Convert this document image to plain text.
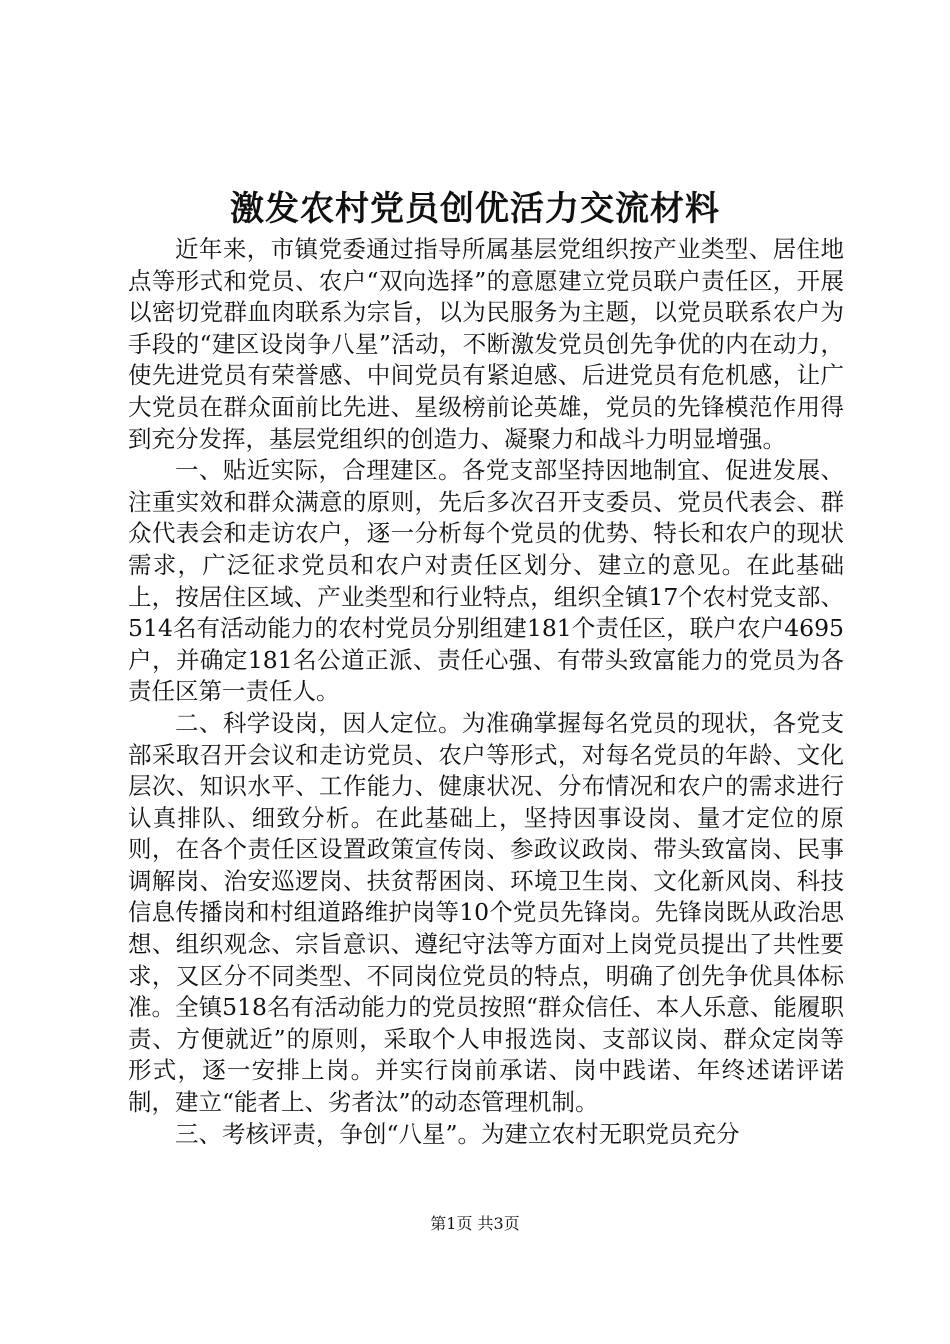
激发农村党员创优活力交流材料

近年来，市镇党委通过指导所属基层党组织按产业类型、居住地点等形式和党员、农户“双向选择”的意愿建立党员联户责任区，开展以密切党群血肉联系为宗旨，以为民服务为主题，以党员联系农户为手段的“建区设岗争八星”活动，不断激发党员创先争优的内在动力，使先进党员有荣誉感、中间党员有紧迫感、后进党员有危机感，让广大党员在群众面前比先进、星级榜前论英雄，党员的先锋模范作用得到充分发挥，基层党组织的创造力、凝聚力和战斗力明显增强。

一、贴近实际，合理建区。各党支部坚持因地制宜、促进发展、注重实效和群众满意的原则，先后多次召开支委员、党员代表会、群众代表会和走访农户，逐一分析每个党员的优势、特长和农户的现状需求，广泛征求党员和农户对责任区划分、建立的意见。在此基础上，按居住区域、产业类型和行业特点，组织全镇17个农村党支部、514名有活动能力的农村党员分别组建181个责任区，联户农户4695户，并确定181名公道正派、责任心强、有带头致富能力的党员为各责任区第一责任人。

二、科学设岗，因人定位。为准确掌握每名党员的现状，各党支部采取召开会议和走访党员、农户等形式，对每名党员的年龄、文化层次、知识水平、工作能力、健康状况、分布情况和农户的需求进行认真排队、细致分析。在此基础上，坚持因事设岗、量才定位的原则，在各个责任区设置政策宣传岗、参政议政岗、带头致富岗、民事调解岗、治安巡逻岗、扶贫帮困岗、环境卫生岗、文化新风岗、科技信息传播岗和村组道路维护岗等10个党员先锋岗。先锋岗既从政治思想、组织观念、宗旨意识、遵纪守法等方面对上岗党员提出了共性要求，又区分不同类型、不同岗位党员的特点，明确了创先争优具体标准。全镇518名有活动能力的党员按照“群众信任、本人乐意、能履职责、方便就近”的原则，采取个人申报选岗、支部议岗、群众定岗等形式，逐一安排上岗。并实行岗前承诺、岗中践诺、年终述诺评诺制，建立“能者上、劣者汰”的动态管理机制。

三、考核评责，争创“八星”。为建立农村无职党员充分

第1页 共3页
